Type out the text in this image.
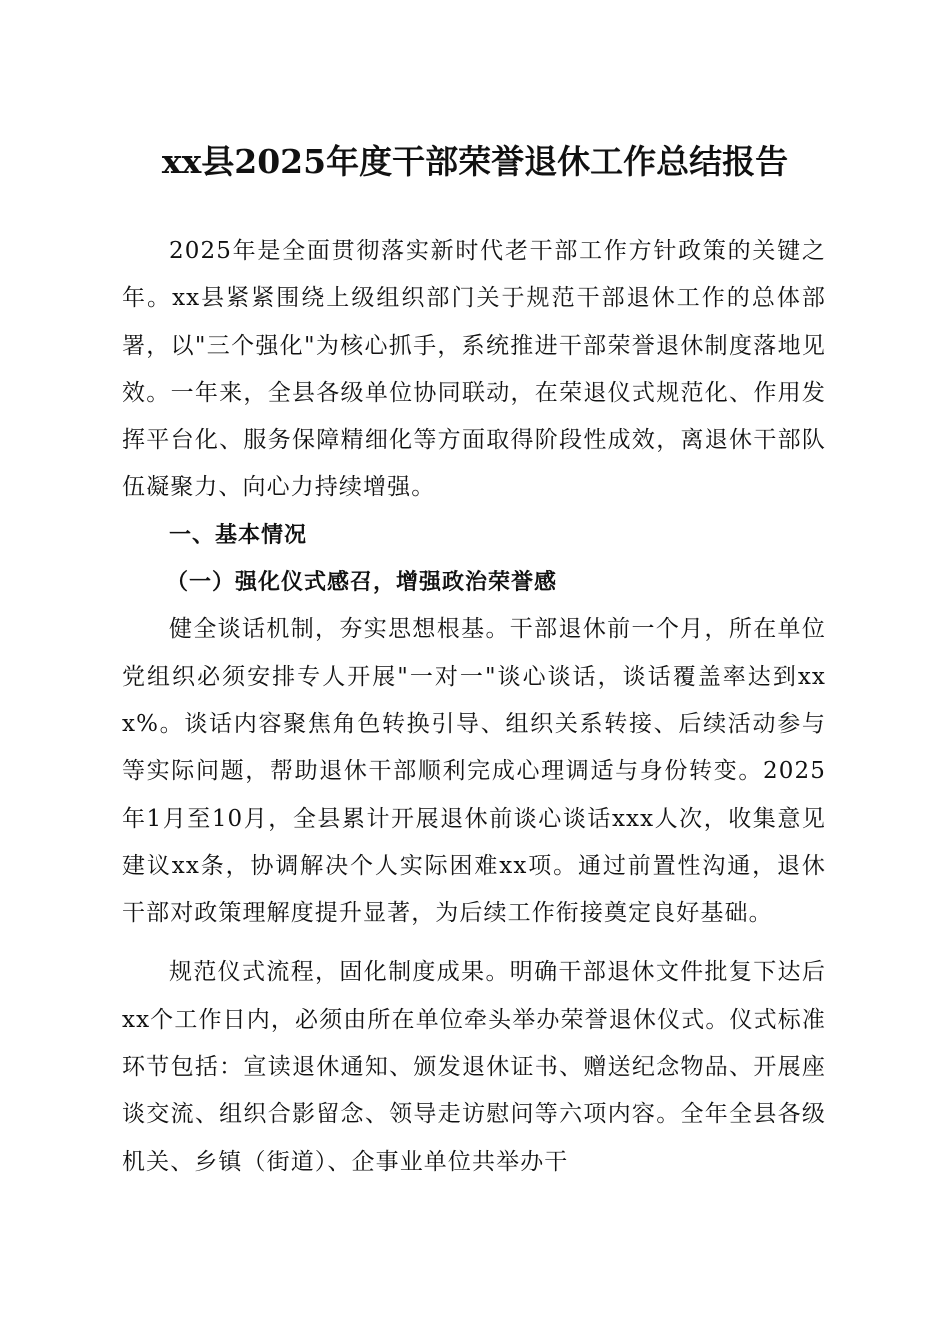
xx县2025年度干部荣誉退休工作总结报告

2025年是全面贯彻落实新时代老干部工作方针政策的关键之年。xx县紧紧围绕上级组织部门关于规范干部退休工作的总体部署，以"三个强化"为核心抓手，系统推进干部荣誉退休制度落地见效。一年来，全县各级单位协同联动，在荣退仪式规范化、作用发挥平台化、服务保障精细化等方面取得阶段性成效，离退休干部队伍凝聚力、向心力持续增强。

一、基本情况

（一）强化仪式感召，增强政治荣誉感

健全谈话机制，夯实思想根基。干部退休前一个月，所在单位党组织必须安排专人开展"一对一"谈心谈话，谈话覆盖率达到xxx%。谈话内容聚焦角色转换引导、组织关系转接、后续活动参与等实际问题，帮助退休干部顺利完成心理调适与身份转变。2025年1月至10月，全县累计开展退休前谈心谈话xxx人次，收集意见建议xx条，协调解决个人实际困难xx项。通过前置性沟通，退休干部对政策理解度提升显著，为后续工作衔接奠定良好基础。

规范仪式流程，固化制度成果。明确干部退休文件批复下达后xx个工作日内，必须由所在单位牵头举办荣誉退休仪式。仪式标准环节包括：宣读退休通知、颁发退休证书、赠送纪念物品、开展座谈交流、组织合影留念、领导走访慰问等六项内容。全年全县各级机关、乡镇（街道）、企事业单位共举办干
